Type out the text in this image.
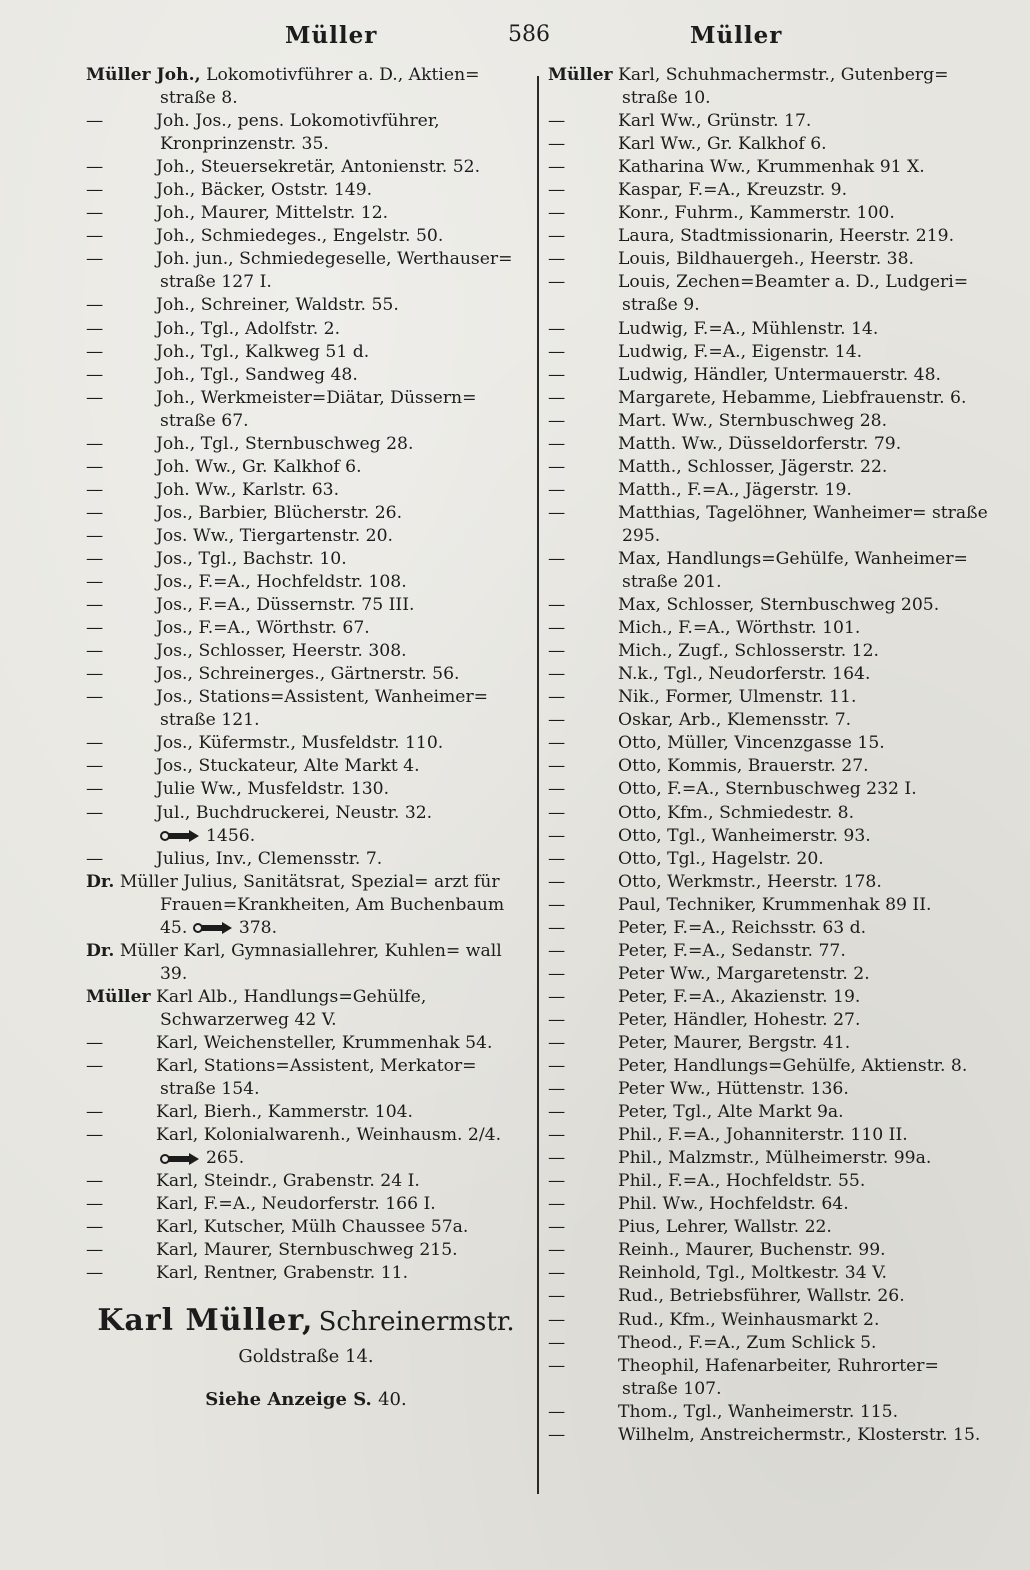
Müller	586	Müller
Müller Joh., Lokomotivführer a. D., Aktien= straße 8.
—	Joh. Jos., pens. Lokomotivführer, Kronprinzenstr. 35.
—	Joh., Steuersekretär, Antonienstr. 52.
—	Joh., Bäcker, Oststr. 149.
—	Joh., Maurer, Mittelstr. 12.
—	Joh., Schmiedeges., Engelstr. 50.
—	Joh. jun., Schmiedegeselle, Werthauser= straße 127 I.
—	Joh., Schreiner, Waldstr. 55.
—	Joh., Tgl., Adolfstr. 2.
—	Joh., Tgl., Kalkweg 51 d.
—	Joh., Tgl., Sandweg 48.
—	Joh., Werkmeister=Diätar, Düssern= straße 67.
—	Joh., Tgl., Sternbuschweg 28.
—	Joh. Ww., Gr. Kalkhof 6.
—	Joh. Ww., Karlstr. 63.
—	Jos., Barbier, Blücherstr. 26.
—	Jos. Ww., Tiergartenstr. 20.
—	Jos., Tgl., Bachstr. 10.
—	Jos., F.=A., Hochfeldstr. 108.
—	Jos., F.=A., Düssernstr. 75 III.
—	Jos., F.=A., Wörthstr. 67.
—	Jos., Schlosser, Heerstr. 308.
—	Jos., Schreinerges., Gärtnerstr. 56.
—	Jos., Stations=Assistent, Wanheimer= straße 121.
—	Jos., Küfermstr., Musfeldstr. 110.
—	Jos., Stuckateur, Alte Markt 4.
—	Julie Ww., Musfeldstr. 130.
—	Jul., Buchdruckerei, Neustr. 32.
1456.
—	Julius, Inv., Clemensstr. 7.
Dr. Müller Julius, Sanitätsrat, Spezial= arzt für Frauen=Krankheiten, Am Buchenbaum 45.	378.
Dr. Müller Karl, Gymnasiallehrer, Kuhlen= wall 39.
Müller Karl Alb., Handlungs=Gehülfe, Schwarzerweg 42 V.
—	Karl, Weichensteller, Krummenhak 54.
—	Karl, Stations=Assistent, Merkator= straße 154.
—	Karl, Bierh., Kammerstr. 104.
—	Karl, Kolonialwarenh., Weinhausm. 2/4.
265.
—	Karl, Steindr., Grabenstr. 24 I.
—	Karl, F.=A., Neudorferstr. 166 I.
—	Karl, Kutscher, Mülh Chaussee 57a.
—	Karl, Maurer, Sternbuschweg 215.
—	Karl, Rentner, Grabenstr. 11.
Karl Müller, Schreinermstr.
Goldstraße 14.
Siehe Anzeige S. 40.
Müller Karl, Schuhmachermstr., Gutenberg= straße 10.
—	Karl Ww., Grünstr. 17.
—	Karl Ww., Gr. Kalkhof 6.
—	Katharina Ww., Krummenhak 91 X.
—	Kaspar, F.=A., Kreuzstr. 9.
—	Konr., Fuhrm., Kammerstr. 100.
—	Laura, Stadtmissionarin, Heerstr. 219.
—	Louis, Bildhauergeh., Heerstr. 38.
—	Louis, Zechen=Beamter a. D., Ludgeri= straße 9.
—	Ludwig, F.=A., Mühlenstr. 14.
—	Ludwig, F.=A., Eigenstr. 14.
—	Ludwig, Händler, Untermauerstr. 48.
—	Margarete, Hebamme, Liebfrauenstr. 6.
—	Mart. Ww., Sternbuschweg 28.
—	Matth. Ww., Düsseldorferstr. 79.
—	Matth., Schlosser, Jägerstr. 22.
—	Matth., F.=A., Jägerstr. 19.
—	Matthias, Tagelöhner, Wanheimer= straße 295.
—	Max, Handlungs=Gehülfe, Wanheimer= straße 201.
—	Max, Schlosser, Sternbuschweg 205.
—	Mich., F.=A., Wörthstr. 101.
—	Mich., Zugf., Schlosserstr. 12.
—	N.k., Tgl., Neudorferstr. 164.
—	Nik., Former, Ulmenstr. 11.
—	Oskar, Arb., Klemensstr. 7.
—	Otto, Müller, Vincenzgasse 15.
—	Otto, Kommis, Brauerstr. 27.
—	Otto, F.=A., Sternbuschweg 232 I.
—	Otto, Kfm., Schmiedestr. 8.
—	Otto, Tgl., Wanheimerstr. 93.
—	Otto, Tgl., Hagelstr. 20.
—	Otto, Werkmstr., Heerstr. 178.
—	Paul, Techniker, Krummenhak 89 II.
—	Peter, F.=A., Reichsstr. 63 d.
—	Peter, F.=A., Sedanstr. 77.
—	Peter Ww., Margaretenstr. 2.
—	Peter, F.=A., Akazienstr. 19.
—	Peter, Händler, Hohestr. 27.
—	Peter, Maurer, Bergstr. 41.
—	Peter, Handlungs=Gehülfe, Aktienstr. 8.
—	Peter Ww., Hüttenstr. 136.
—	Peter, Tgl., Alte Markt 9a.
—	Phil., F.=A., Johanniterstr. 110 II.
—	Phil., Malzmstr., Mülheimerstr. 99a.
—	Phil., F.=A., Hochfeldstr. 55.
—	Phil. Ww., Hochfeldstr. 64.
—	Pius, Lehrer, Wallstr. 22.
—	Reinh., Maurer, Buchenstr. 99.
—	Reinhold, Tgl., Moltkestr. 34 V.
—	Rud., Betriebsführer, Wallstr. 26.
—	Rud., Kfm., Weinhausmarkt 2.
—	Theod., F.=A., Zum Schlick 5.
—	Theophil, Hafenarbeiter, Ruhrorter= straße 107.
—	Thom., Tgl., Wanheimerstr. 115.
—	Wilhelm, Anstreichermstr., Klosterstr. 15.
